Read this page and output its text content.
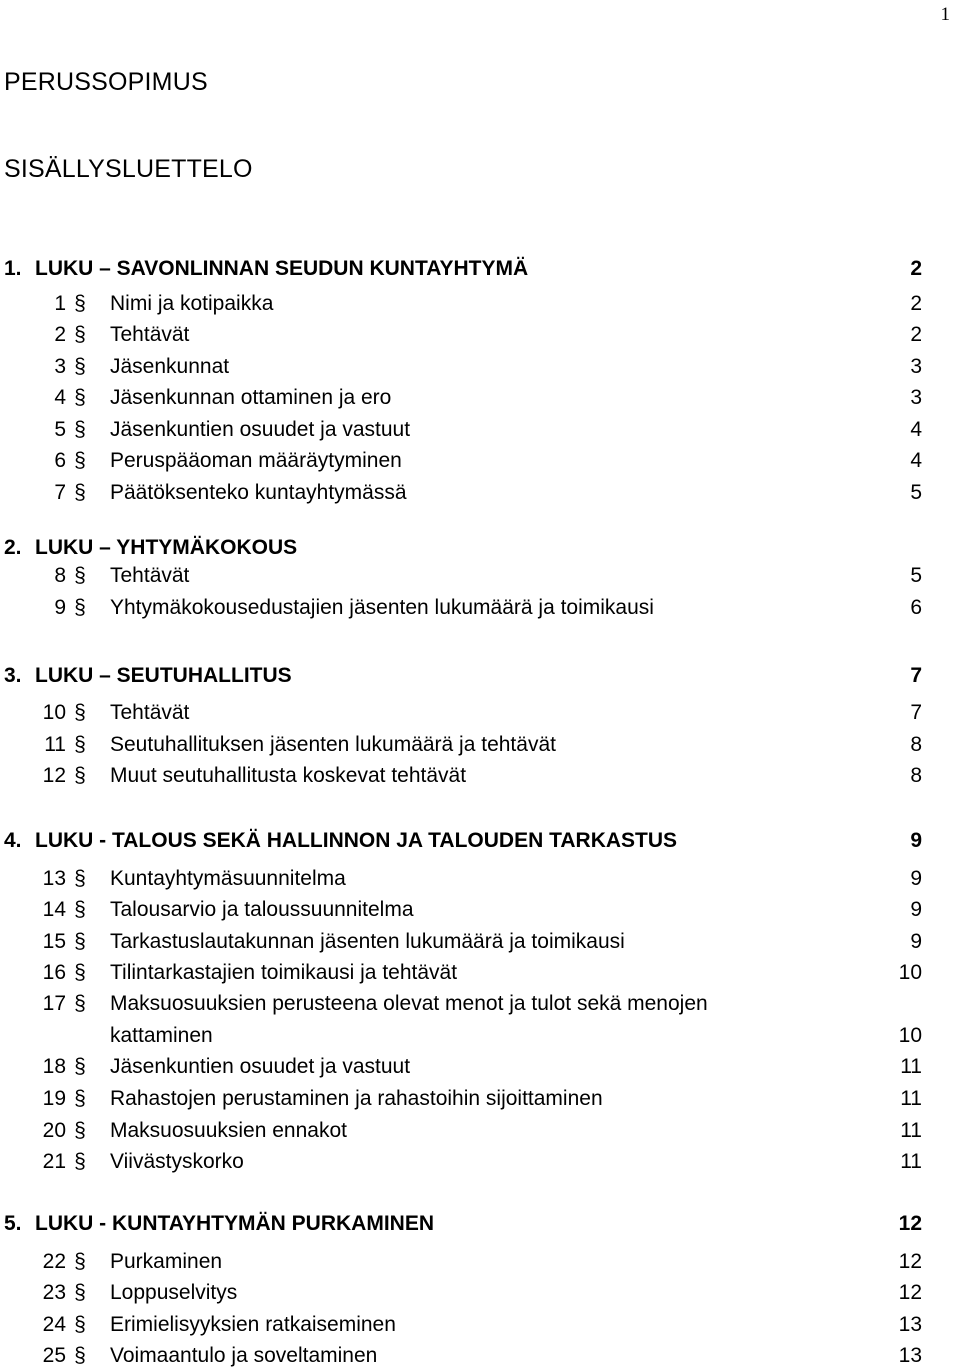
1
PERUSSOPIMUS
SISÄLLYSLUETTELO
1. LUKU – SAVONLINNAN SEUDUN KUNTAYHTYMÄ	2
1 § Nimi ja kotipaikka	2
2 § Tehtävät	2
3 § Jäsenkunnat	3
4 § Jäsenkunnan ottaminen ja ero	3
5 § Jäsenkuntien osuudet ja vastuut	4
6 § Peruspääoman määräytyminen	4
7 § Päätöksenteko kuntayhtymässä	5
2. LUKU – YHTYMÄKOKOUS
8 § Tehtävät	5
9 § Yhtymäkokousedustajien jäsenten lukumäärä ja toimikausi	6
3. LUKU – SEUTUHALLITUS	7
10 § Tehtävät	7
11 § Seutuhallituksen jäsenten lukumäärä ja tehtävät	8
12 § Muut seutuhallitusta koskevat tehtävät	8
4. LUKU - TALOUS SEKÄ HALLINNON JA TALOUDEN TARKASTUS	9
13 § Kuntayhtymäsuunnitelma	9
14 § Talousarvio ja taloussuunnitelma	9
15 § Tarkastuslautakunnan jäsenten lukumäärä ja toimikausi	9
16 § Tilintarkastajien toimikausi ja tehtävät	10
17 § Maksuosuuksien perusteena olevat menot ja tulot sekä menojen
kattaminen	10
18 § Jäsenkuntien osuudet ja vastuut	11
19 § Rahastojen perustaminen ja rahastoihin sijoittaminen	11
20 § Maksuosuuksien ennakot	11
21 § Viivästyskorko	11
5. LUKU - KUNTAYHTYMÄN PURKAMINEN	12
22 § Purkaminen	12
23 § Loppuselvitys	12
24 § Erimielisyyksien ratkaiseminen	13
25 § Voimaantulo ja soveltaminen	13
